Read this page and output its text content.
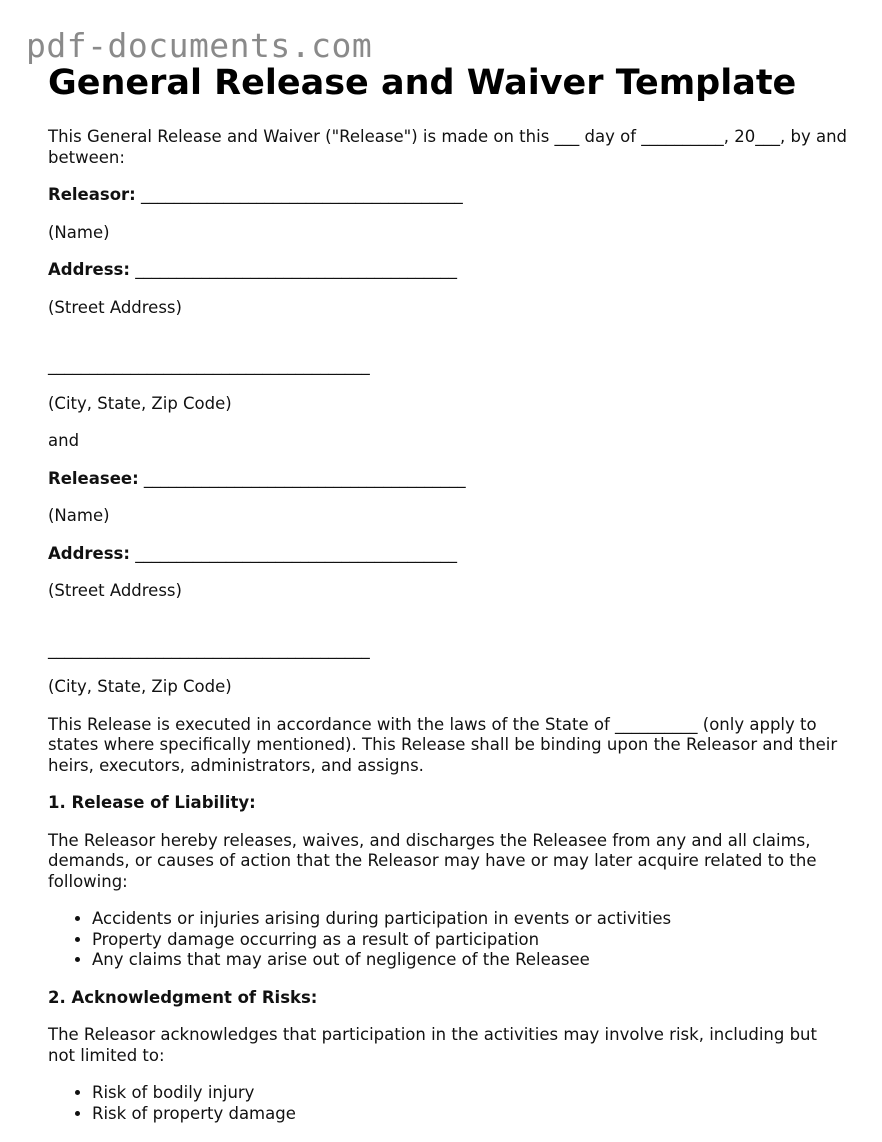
pdf-documents.com
General Release and Waiver Template

This General Release and Waiver ("Release") is made on this ___ day of __________, 20___, by and between:

Releasor: _______________________________________

(Name)

Address: _______________________________________

(Street Address)

_______________________________________

(City, State, Zip Code)

and

Releasee: _______________________________________

(Name)

Address: _______________________________________

(Street Address)

_______________________________________

(City, State, Zip Code)

This Release is executed in accordance with the laws of the State of __________ (only apply to states where specifically mentioned). This Release shall be binding upon the Releasor and their heirs, executors, administrators, and assigns.

1. Release of Liability:

The Releasor hereby releases, waives, and discharges the Releasee from any and all claims, demands, or causes of action that the Releasor may have or may later acquire related to the following:

• Accidents or injuries arising during participation in events or activities
• Property damage occurring as a result of participation
• Any claims that may arise out of negligence of the Releasee

2. Acknowledgment of Risks:

The Releasor acknowledges that participation in the activities may involve risk, including but not limited to:

• Risk of bodily injury
• Risk of property damage
